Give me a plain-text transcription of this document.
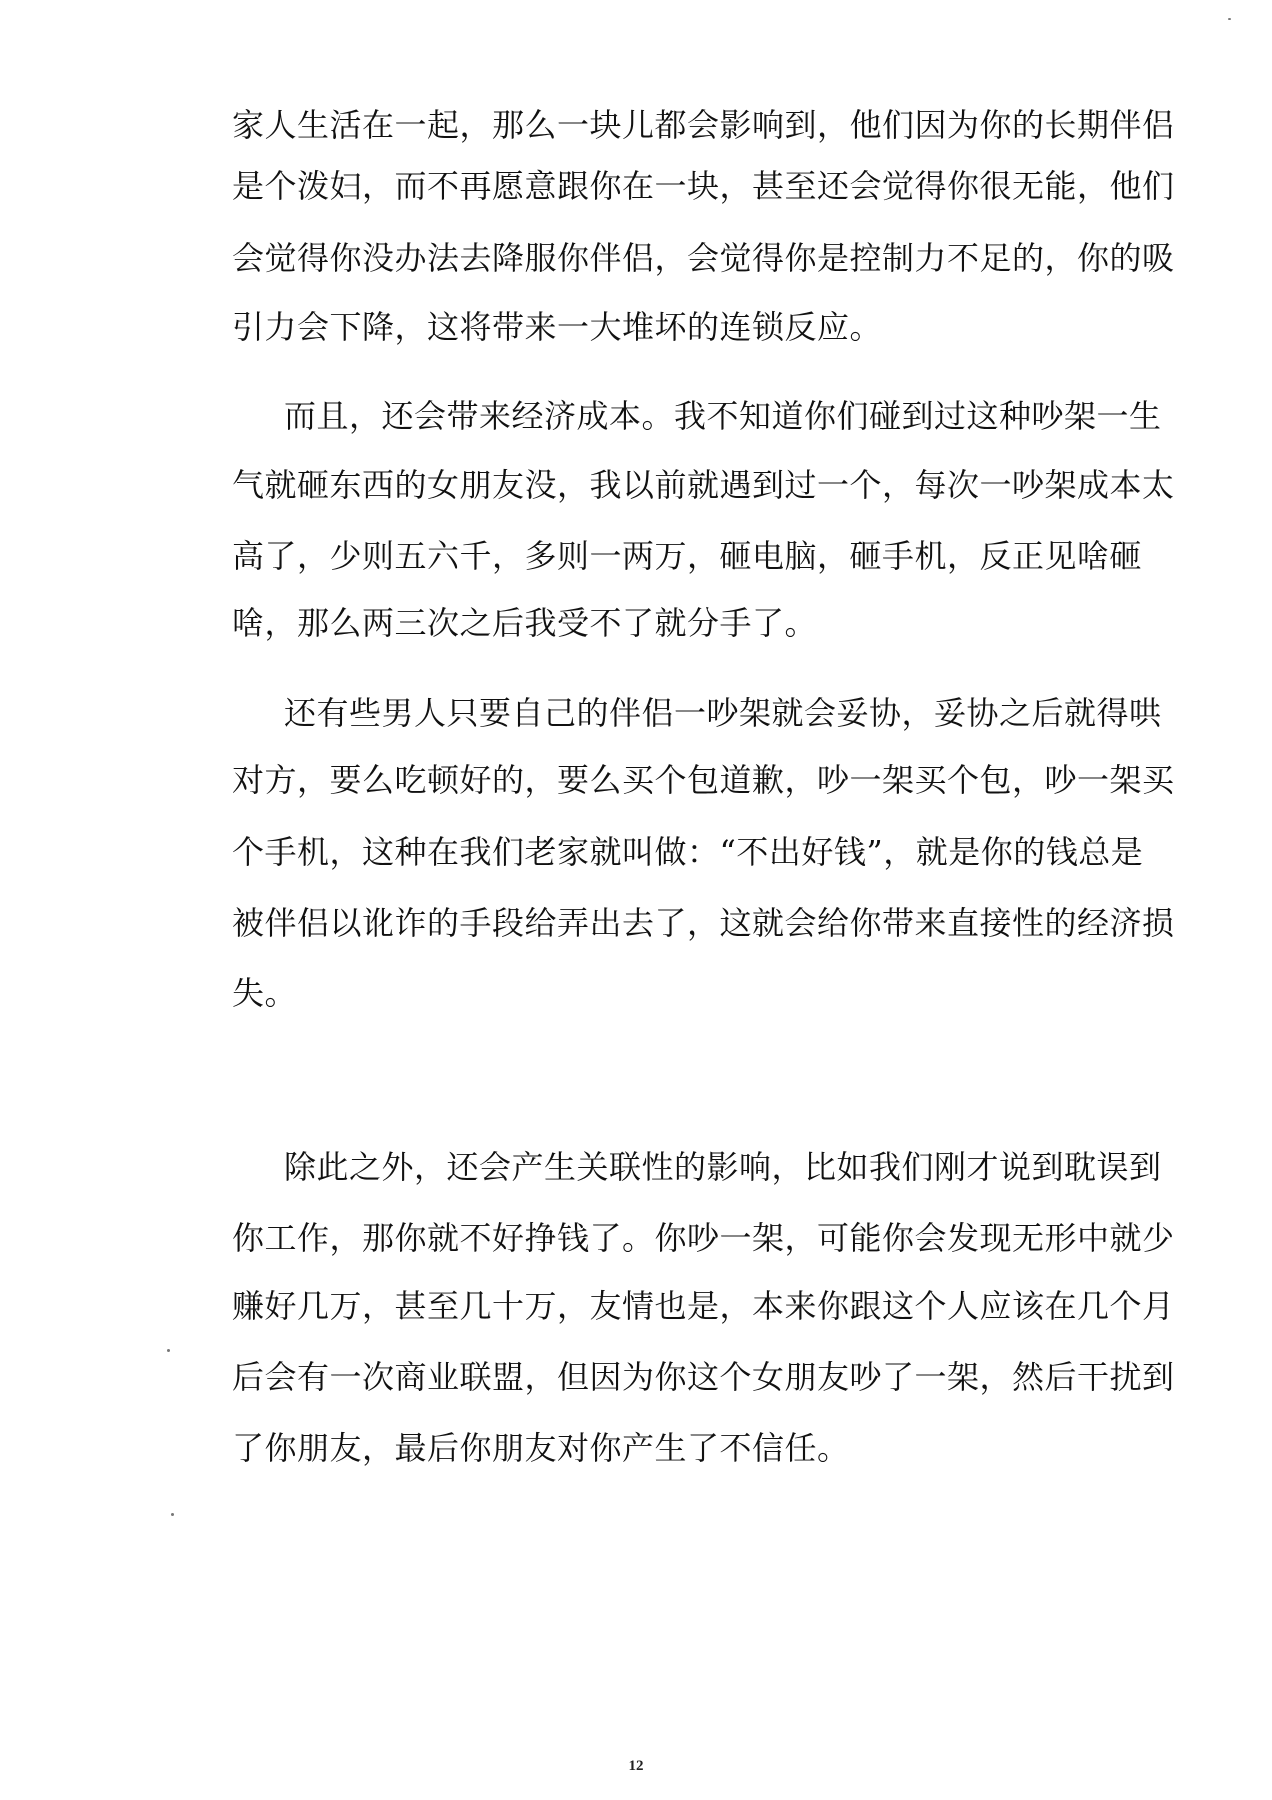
家人生活在一起，那么一块儿都会影响到，他们因为你的长期伴侣
是个泼妇，而不再愿意跟你在一块，甚至还会觉得你很无能，他们
会觉得你没办法去降服你伴侣，会觉得你是控制力不足的，你的吸
引力会下降，这将带来一大堆坏的连锁反应。
而且，还会带来经济成本。我不知道你们碰到过这种吵架一生
气就砸东西的女朋友没，我以前就遇到过一个，每次一吵架成本太
高了，少则五六千，多则一两万，砸电脑，砸手机，反正见啥砸
啥，那么两三次之后我受不了就分手了。
还有些男人只要自己的伴侣一吵架就会妥协，妥协之后就得哄
对方，要么吃顿好的，要么买个包道歉，吵一架买个包，吵一架买
个手机，这种在我们老家就叫做：“不出好钱”，就是你的钱总是
被伴侣以讹诈的手段给弄出去了，这就会给你带来直接性的经济损
失。
除此之外，还会产生关联性的影响，比如我们刚才说到耽误到
你工作，那你就不好挣钱了。你吵一架，可能你会发现无形中就少
赚好几万，甚至几十万，友情也是，本来你跟这个人应该在几个月
后会有一次商业联盟，但因为你这个女朋友吵了一架，然后干扰到
了你朋友，最后你朋友对你产生了不信任。
12
